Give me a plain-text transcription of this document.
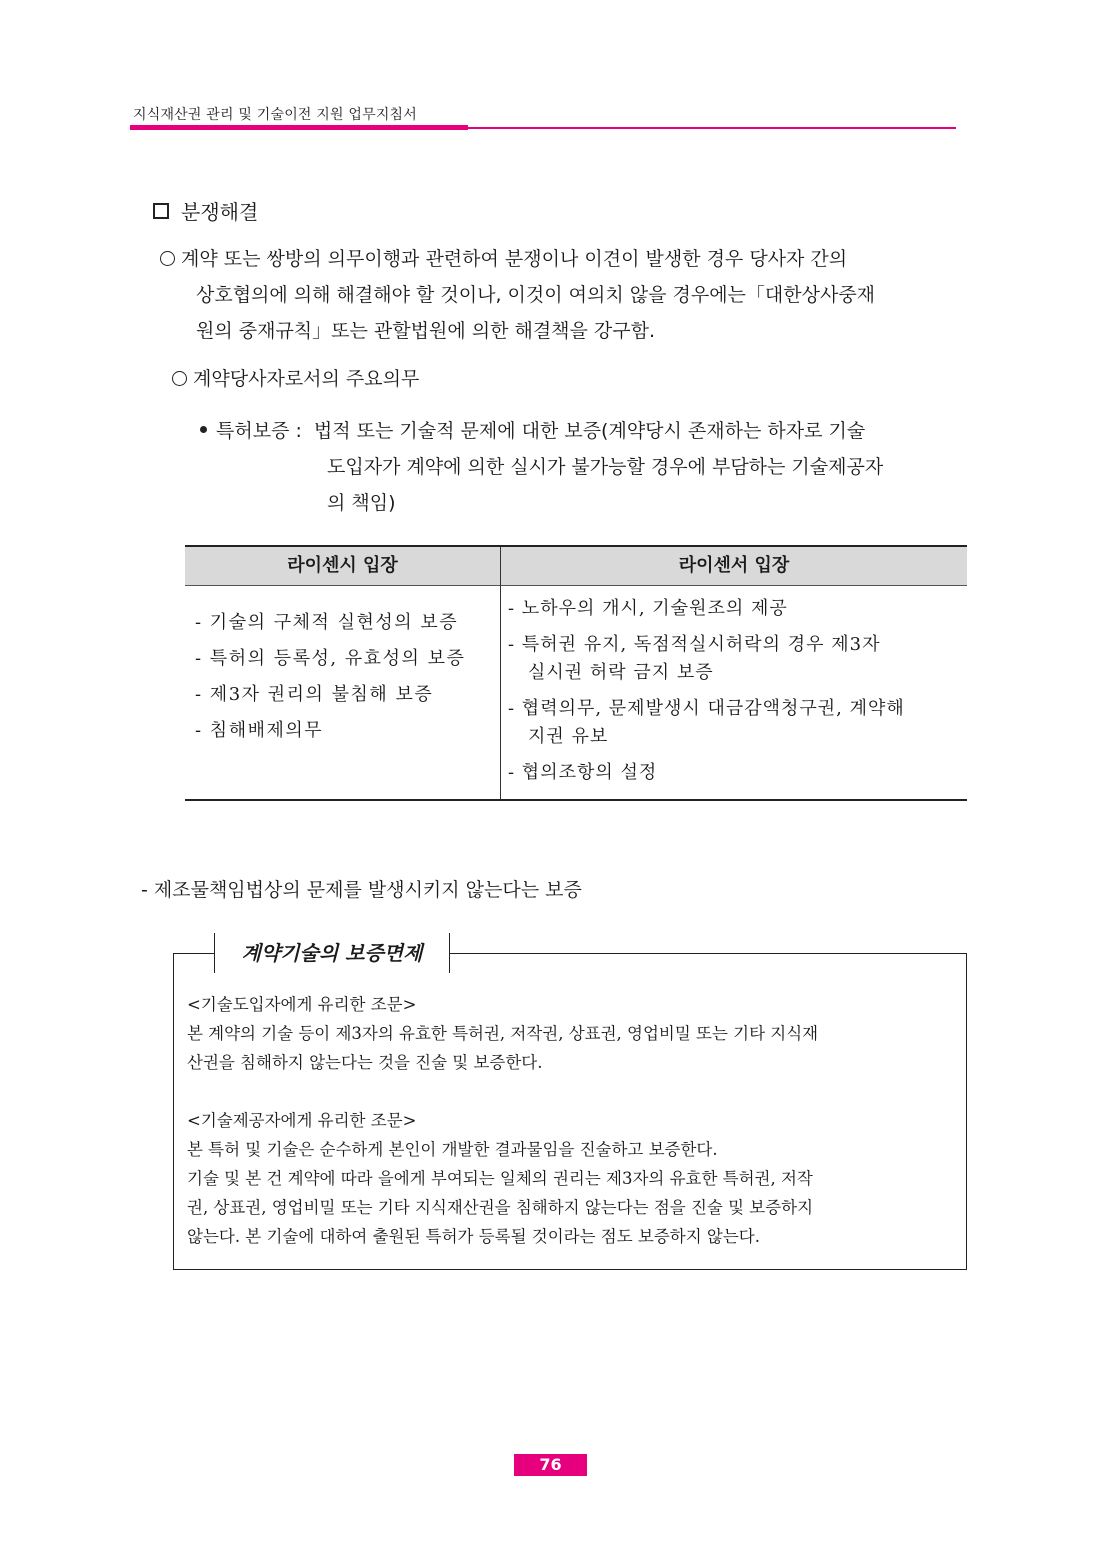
지식재산권 관리 및 기술이전 지원 업무지침서
분쟁해결
계약 또는 쌍방의 의무이행과 관련하여 분쟁이나 이견이 발생한 경우 당사자 간의
상호협의에 의해 해결해야 할 것이나, 이것이 여의치 않을 경우에는「대한상사중재
원의 중재규칙」또는 관할법원에 의한 해결책을 강구함.
계약당사자로서의 주요의무
특허보증 : 법적 또는 기술적 문제에 대한 보증(계약당시 존재하는 하자로 기술
도입자가 계약에 의한 실시가 불가능할 경우에 부담하는 기술제공자
의 책임)
라이센시 입장	라이센서 입장
- 기술의 구체적 실현성의 보증
- 특허의 등록성, 유효성의 보증
- 제3자 권리의 불침해 보증
- 침해배제의무
- 노하우의 개시, 기술원조의 제공
- 특허권 유지, 독점적실시허락의 경우 제3자
실시권 허락 금지 보증
- 협력의무, 문제발생시 대금감액청구권, 계약해
지권 유보
- 협의조항의 설정
- 제조물책임법상의 문제를 발생시키지 않는다는 보증
계약기술의 보증면제
<기술도입자에게 유리한 조문>
본 계약의 기술 등이 제3자의 유효한 특허권, 저작권, 상표권, 영업비밀 또는 기타 지식재
산권을 침해하지 않는다는 것을 진술 및 보증한다.
<기술제공자에게 유리한 조문>
본 특허 및 기술은 순수하게 본인이 개발한 결과물임을 진술하고 보증한다.
기술 및 본 건 계약에 따라 을에게 부여되는 일체의 권리는 제3자의 유효한 특허권, 저작
권, 상표권, 영업비밀 또는 기타 지식재산권을 침해하지 않는다는 점을 진술 및 보증하지
않는다. 본 기술에 대하여 출원된 특허가 등록될 것이라는 점도 보증하지 않는다.
76
